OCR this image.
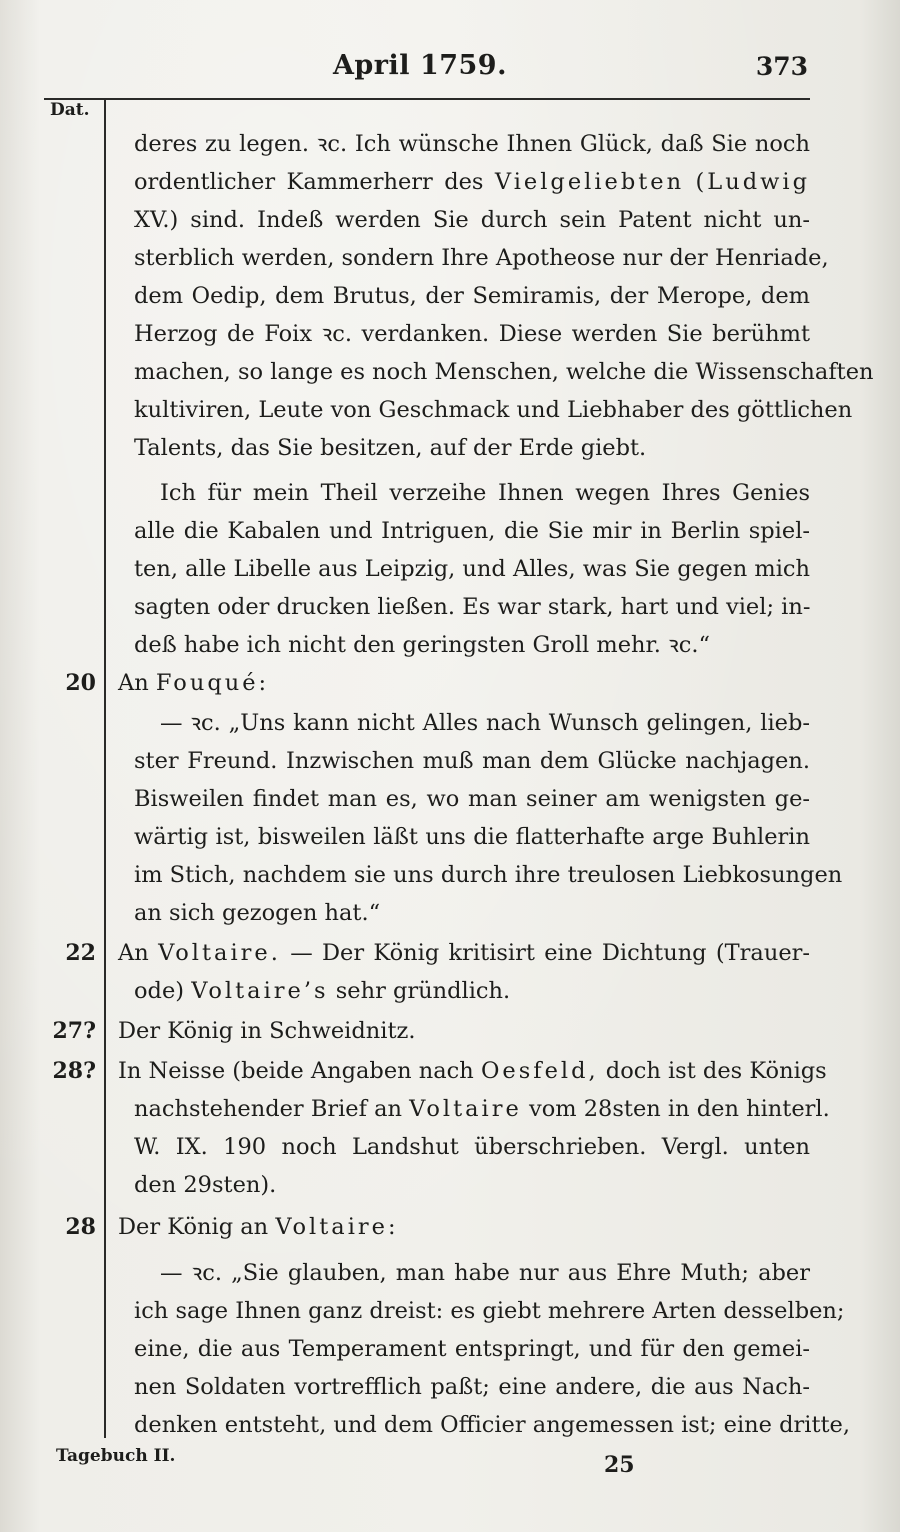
April 1759.	373
Dat.
deres zu legen. ꝛc. Ich wünsche Ihnen Glück, daß Sie noch
ordentlicher Kammerherr des Vielgeliebten (Ludwig
XV.) sind. Indeß werden Sie durch sein Patent nicht un-
sterblich werden, sondern Ihre Apotheose nur der Henriade,
dem Oedip, dem Brutus, der Semiramis, der Merope, dem
Herzog de Foix ꝛc. verdanken. Diese werden Sie berühmt
machen, so lange es noch Menschen, welche die Wissenschaften
kultiviren, Leute von Geschmack und Liebhaber des göttlichen
Talents, das Sie besitzen, auf der Erde giebt.
Ich für mein Theil verzeihe Ihnen wegen Ihres Genies
alle die Kabalen und Intriguen, die Sie mir in Berlin spiel-
ten, alle Libelle aus Leipzig, und Alles, was Sie gegen mich
sagten oder drucken ließen. Es war stark, hart und viel; in-
deß habe ich nicht den geringsten Groll mehr. ꝛc.“
20 An Fouqué:
— ꝛc. „Uns kann nicht Alles nach Wunsch gelingen, lieb-
ster Freund. Inzwischen muß man dem Glücke nachjagen.
Bisweilen findet man es, wo man seiner am wenigsten ge-
wärtig ist, bisweilen läßt uns die flatterhafte arge Buhlerin
im Stich, nachdem sie uns durch ihre treulosen Liebkosungen
an sich gezogen hat.“
22 An Voltaire. — Der König kritisirt eine Dichtung (Trauer-
ode) Voltaire’s sehr gründlich.
27? Der König in Schweidnitz.
28? In Neisse (beide Angaben nach Oesfeld, doch ist des Königs
nachstehender Brief an Voltaire vom 28sten in den hinterl.
W. IX. 190 noch Landshut überschrieben. Vergl. unten
den 29sten).
28 Der König an Voltaire:
— ꝛc. „Sie glauben, man habe nur aus Ehre Muth; aber
ich sage Ihnen ganz dreist: es giebt mehrere Arten desselben;
eine, die aus Temperament entspringt, und für den gemei-
nen Soldaten vortrefflich paßt; eine andere, die aus Nach-
denken entsteht, und dem Officier angemessen ist; eine dritte,
Tagebuch II.	25
